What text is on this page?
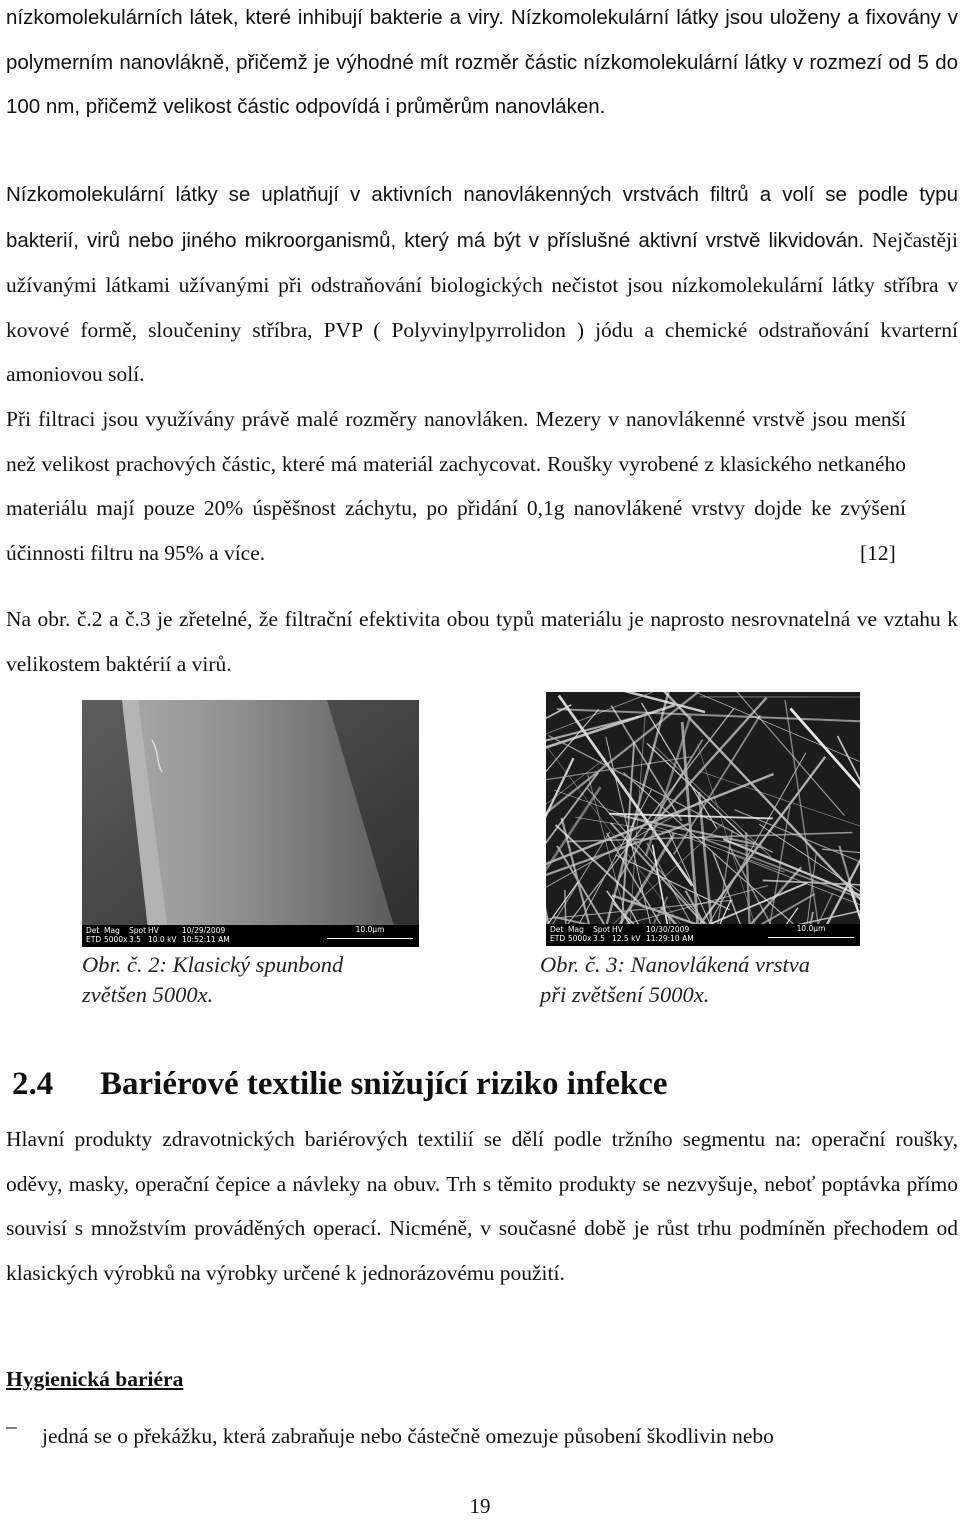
nízkomolekulárních látek, které inhibují bakterie a viry. Nízkomolekulární látky jsou uloženy a fixovány v polymerním nanovlákně, přičemž je výhodné mít rozměr částic nízkomolekulární látky v rozmezí od 5 do 100 nm, přičemž velikost částic odpovídá i průměrům nanovláken.

Nízkomolekulární látky se uplatňují v aktivních nanovlákenných vrstvách filtrů a volí se podle typu bakterií, virů nebo jiného mikroorganismů, který má být v příslušné aktivní vrstvě likvidován. Nejčastěji užívanými látkami užívanými při odstraňování biologických nečistot jsou nízkomolekulární látky stříbra v kovové formě, sloučeniny stříbra, PVP ( Polyvinylpyrrolidon ) jódu a chemické odstraňování kvarterní amoniovou solí.

Při filtraci jsou využívány právě malé rozměry nanovláken. Mezery v nanovlákenné vrstvě jsou menší než velikost prachových částic, které má materiál zachycovat. Roušky vyrobené z klasického netkaného materiálu mají pouze 20% úspěšnost záchytu, po přidání 0,1g nanovlákené vrstvy dojde ke zvýšení účinnosti filtru na 95% a více.	[12]

Na obr. č.2 a č.3 je zřetelné, že filtrační efektivita obou typů materiálu je naprosto nesrovnatelná ve vztahu k velikostem baktérií a virů.

Det
ETD
Mag
5000x
Spot
3.5
HV
10.0 kV
10/29/2009
10:52:11 AM
10.0µm
Obr. č. 2: Klasický spunbond
zvětšen 5000x.
Det
ETD
Mag
5000x
Spot
3.5
HV
12.5 kV
10/30/2009
11:29:10 AM
10.0µm
Obr. č. 3: Nanovlákená vrstva
při zvětšení 5000x.
2.4 Bariérové textilie snižující riziko infekce

Hlavní produkty zdravotnických bariérových textilií se dělí podle tržního segmentu na: operační roušky, oděvy, masky, operační čepice a návleky na obuv. Trh s těmito produkty se nezvyšuje, neboť poptávka přímo souvisí s množstvím prováděných operací. Nicméně, v současné době je růst trhu podmíněn přechodem od klasických výrobků na výrobky určené k jednorázovému použití.

Hygienická bariéra
– jedná se o překážku, která zabraňuje nebo částečně omezuje působení škodlivin nebo
19
